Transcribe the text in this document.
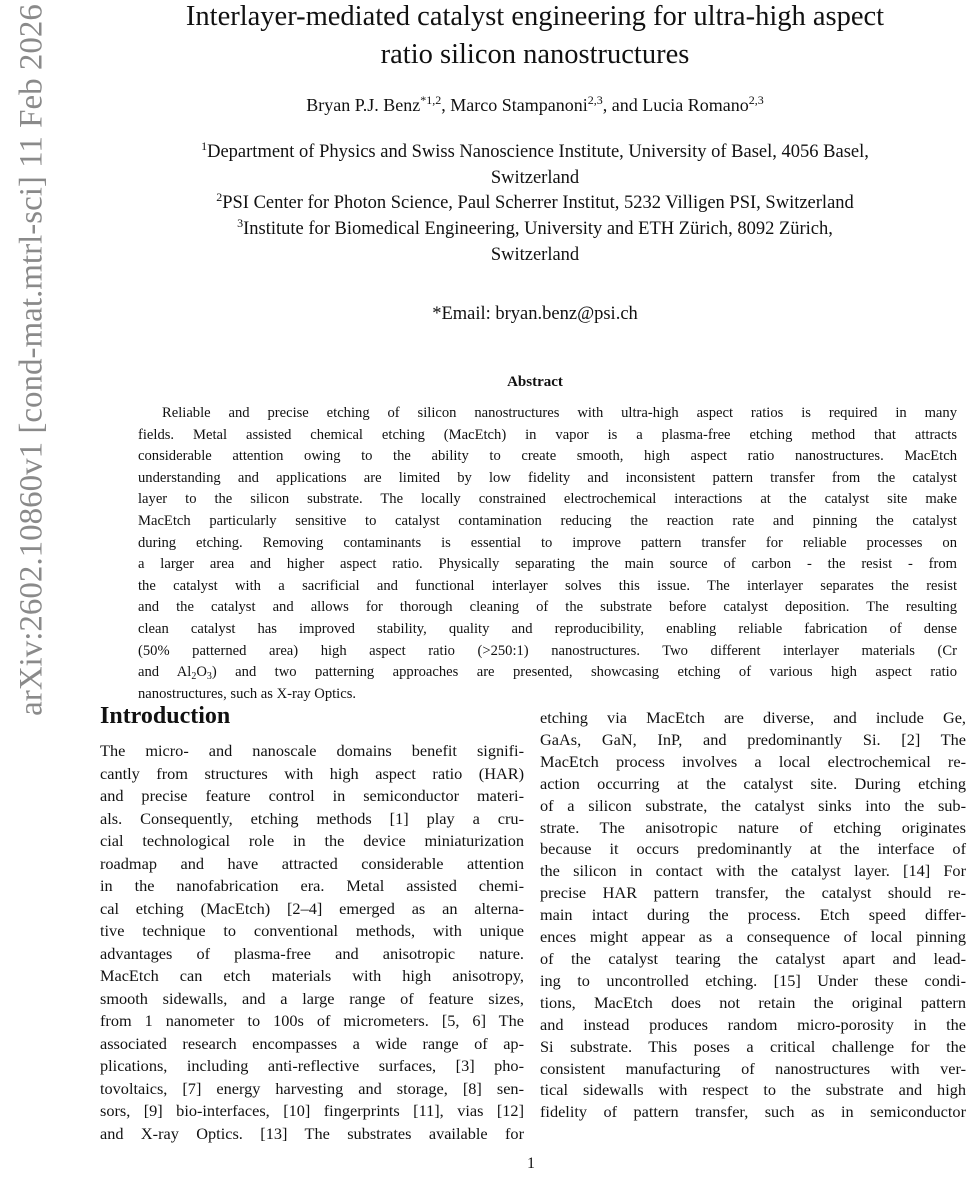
arXiv:2602.10860v1 [cond-mat.mtrl-sci] 11 Feb 2026	Interlayer-mediated catalyst engineering for ultra-high aspect
ratio silicon nanostructures
Bryan P.J. Benz$^{*1,2}$, Marco Stampanoni$^{2,3}$, and Lucia Romano$^{2,3}$
$^1$Department of Physics and Swiss Nanoscience Institute, University of Basel, 4056 Basel,
Switzerland
$^2$PSI Center for Photon Science, Paul Scherrer Institut, 5232 Villigen PSI, Switzerland
$^3$Institute for Biomedical Engineering, University and ETH Zürich, 8092 Zürich,
Switzerland
*Email: bryan.benz@psi.ch
Abstract
Reliable and precise etching of silicon nanostructures with ultra-high aspect ratios is required in many
fields. Metal assisted chemical etching (MacEtch) in vapor is a plasma-free etching method that attracts
considerable attention owing to the ability to create smooth, high aspect ratio nanostructures. MacEtch
understanding and applications are limited by low fidelity and inconsistent pattern transfer from the catalyst
layer to the silicon substrate. The locally constrained electrochemical interactions at the catalyst site make
MacEtch particularly sensitive to catalyst contamination reducing the reaction rate and pinning the catalyst
during etching. Removing contaminants is essential to improve pattern transfer for reliable processes on
a larger area and higher aspect ratio. Physically separating the main source of carbon - the resist - from
the catalyst with a sacrificial and functional interlayer solves this issue. The interlayer separates the resist
and the catalyst and allows for thorough cleaning of the substrate before catalyst deposition. The resulting
clean catalyst has improved stability, quality and reproducibility, enabling reliable fabrication of dense
(50% patterned area) high aspect ratio (>250:1) nanostructures. Two different interlayer materials (Cr
and $Al_2O_3$) and two patterning approaches are presented, showcasing etching of various high aspect ratio
nanostructures, such as X-ray Optics.
Introduction
The micro- and nanoscale domains benefit signifi-
cantly from structures with high aspect ratio (HAR)
and precise feature control in semiconductor materi-
als. Consequently, etching methods [1] play a cru-
cial technological role in the device miniaturization
roadmap and have attracted considerable attention
in the nanofabrication era. Metal assisted chemi-
cal etching (MacEtch) [2–4] emerged as an alterna-
tive technique to conventional methods, with unique
advantages of plasma-free and anisotropic nature.
MacEtch can etch materials with high anisotropy,
smooth sidewalls, and a large range of feature sizes,
from 1 nanometer to 100s of micrometers. [5, 6] The
associated research encompasses a wide range of ap-
plications, including anti-reflective surfaces, [3] pho-
tovoltaics, [7] energy harvesting and storage, [8] sen-
sors, [9] bio-interfaces, [10] fingerprints [11], vias [12]
and X-ray Optics. [13] The substrates available for
etching via MacEtch are diverse, and include Ge,
GaAs, GaN, InP, and predominantly Si. [2] The
MacEtch process involves a local electrochemical re-
action occurring at the catalyst site. During etching
of a silicon substrate, the catalyst sinks into the sub-
strate. The anisotropic nature of etching originates
because it occurs predominantly at the interface of
the silicon in contact with the catalyst layer. [14] For
precise HAR pattern transfer, the catalyst should re-
main intact during the process. Etch speed differ-
ences might appear as a consequence of local pinning
of the catalyst tearing the catalyst apart and lead-
ing to uncontrolled etching. [15] Under these condi-
tions, MacEtch does not retain the original pattern
and instead produces random micro-porosity in the
Si substrate. This poses a critical challenge for the
consistent manufacturing of nanostructures with ver-
tical sidewalls with respect to the substrate and high
fidelity of pattern transfer, such as in semiconductor
1
